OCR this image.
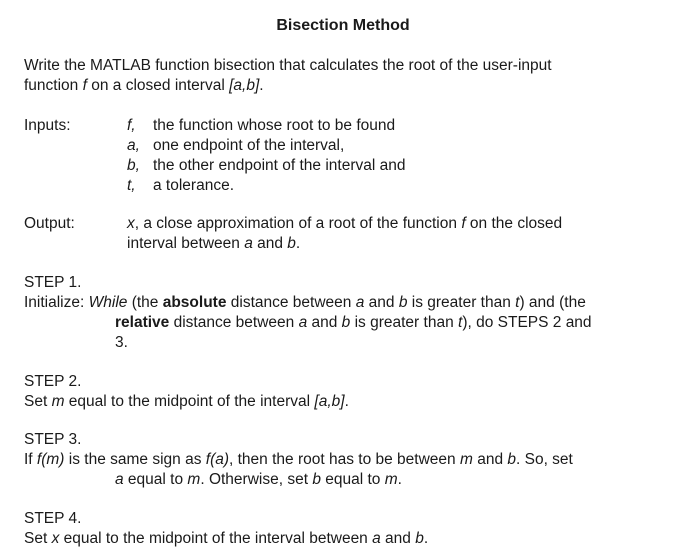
Bisection Method
Write the MATLAB function bisection that calculates the root of the user-input
function f on a closed interval [a,b].
Inputs:	f, the function whose root to be found
a, one endpoint of the interval,
b, the other endpoint of the interval and
t, a tolerance.
Output:	x, a close approximation of a root of the function f on the closed
interval between a and b.
STEP 1.
Initialize: While (the absolute distance between a and b is greater than t) and (the
relative distance between a and b is greater than t), do STEPS 2 and
3.
STEP 2.
Set m equal to the midpoint of the interval [a,b].
STEP 3.
If f(m) is the same sign as f(a), then the root has to be between m and b. So, set
a equal to m. Otherwise, set b equal to m.
STEP 4.
Set x equal to the midpoint of the interval between a and b.
